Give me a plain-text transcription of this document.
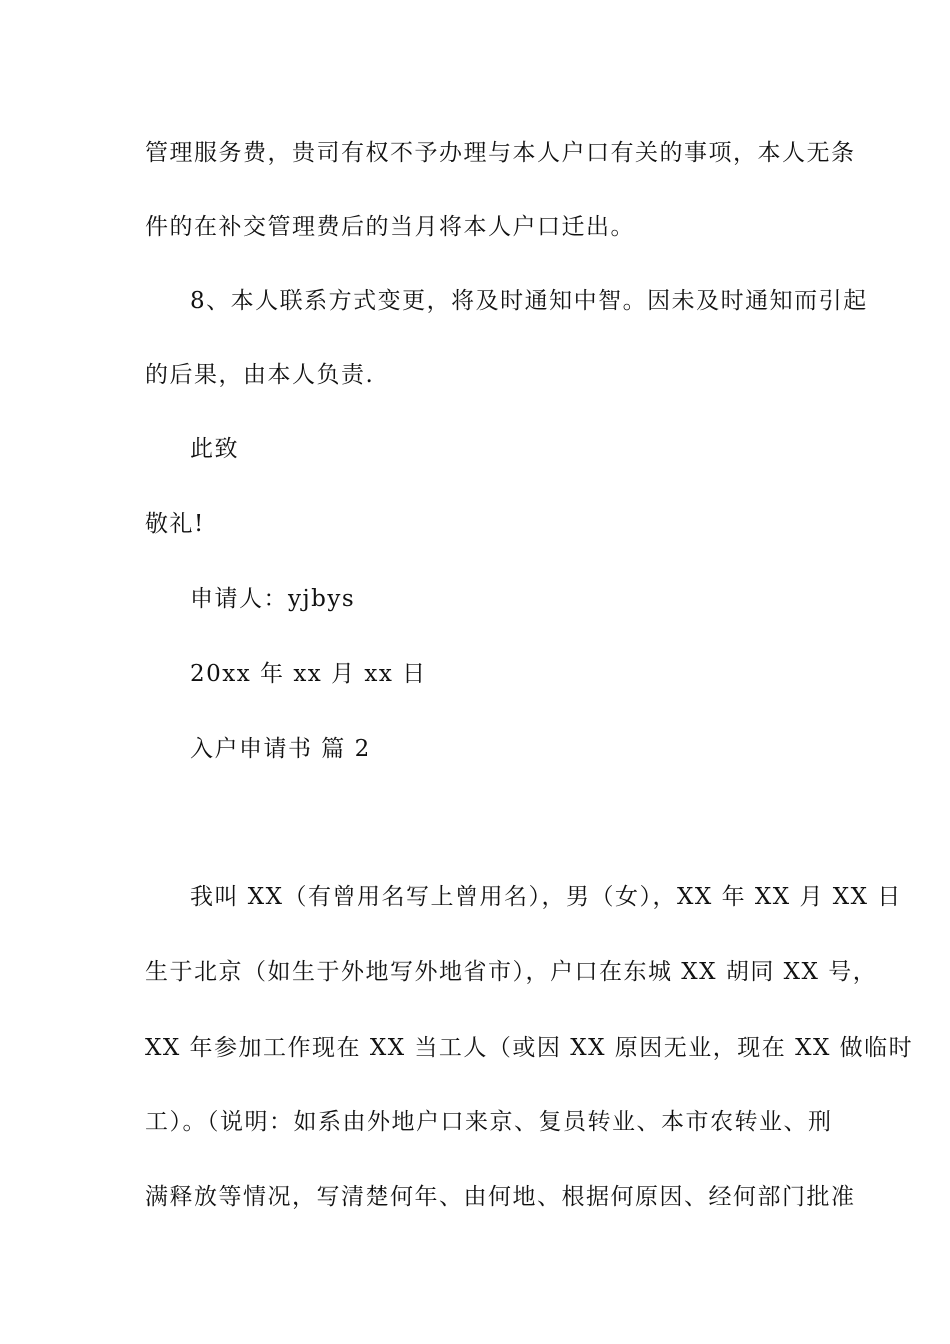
管理服务费，贵司有权不予办理与本人户口有关的事项，本人无条
件的在补交管理费后的当月将本人户口迁出。
8、本人联系方式变更，将及时通知中智。因未及时通知而引起
的后果，由本人负责.
此致
敬礼!
申请人：yjbys
20xx 年 xx 月 xx 日
入户申请书 篇 2
我叫 XX（有曾用名写上曾用名），男（女），XX 年 XX 月 XX 日
生于北京（如生于外地写外地省市），户口在东城 XX 胡同 XX 号，
XX 年参加工作现在 XX 当工人（或因 XX 原因无业，现在 XX 做临时
工）。（说明：如系由外地户口来京、复员转业、本市农转业、刑
满释放等情况，写清楚何年、由何地、根据何原因、经何部门批准
